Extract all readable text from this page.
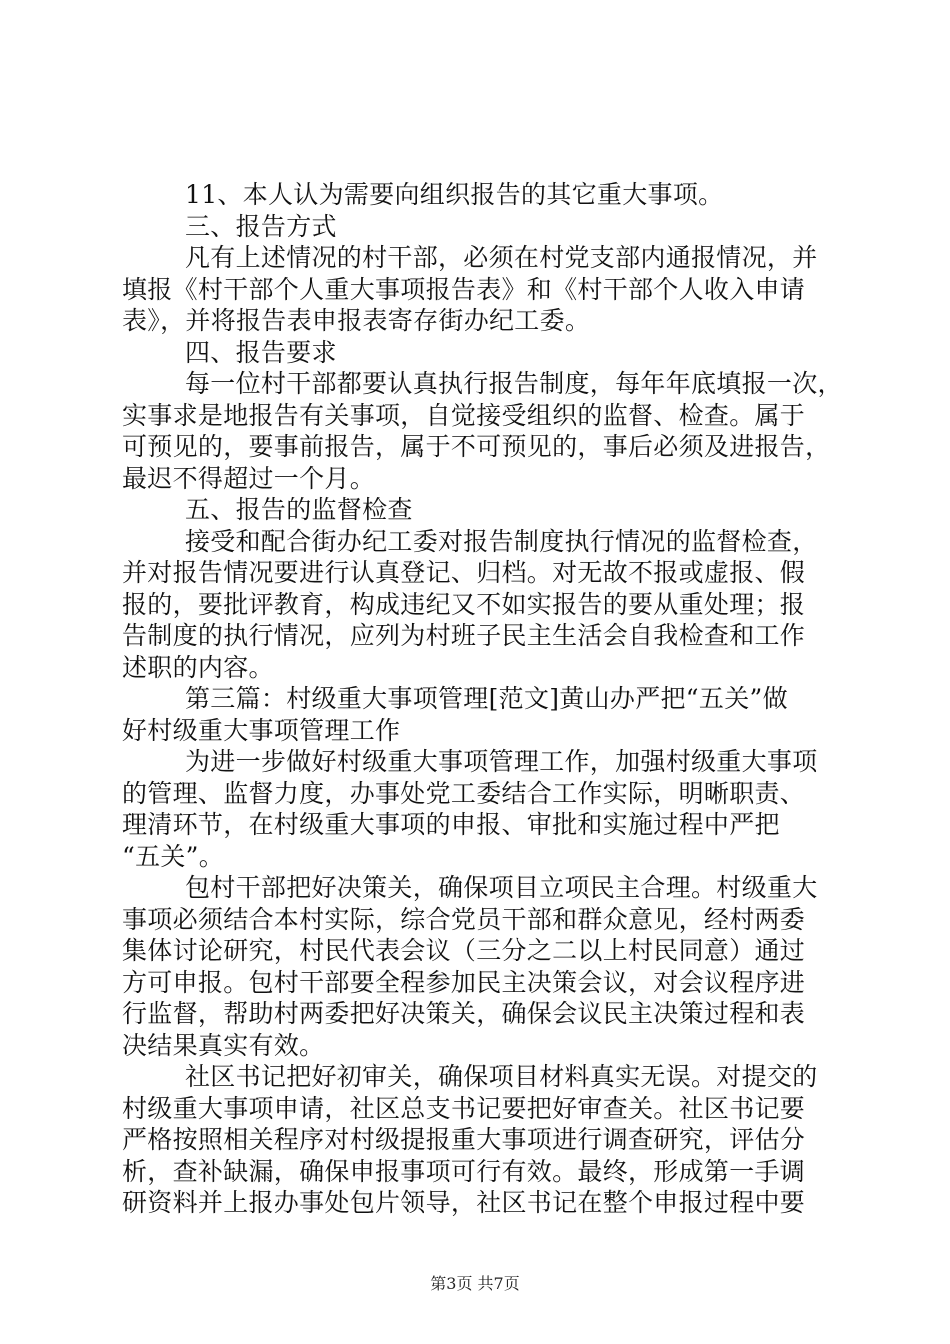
11、本人认为需要向组织报告的其它重大事项。
三、报告方式
凡有上述情况的村干部，必须在村党支部内通报情况，并
填报《村干部个人重大事项报告表》和《村干部个人收入申请
表》，并将报告表申报表寄存街办纪工委。
四、报告要求
每一位村干部都要认真执行报告制度，每年年底填报一次，
实事求是地报告有关事项，自觉接受组织的监督、检查。属于
可预见的，要事前报告，属于不可预见的，事后必须及进报告，
最迟不得超过一个月。
五、报告的监督检查
接受和配合街办纪工委对报告制度执行情况的监督检查，
并对报告情况要进行认真登记、归档。对无故不报或虚报、假
报的，要批评教育，构成违纪又不如实报告的要从重处理；报
告制度的执行情况，应列为村班子民主生活会自我检查和工作
述职的内容。
第三篇：村级重大事项管理[范文]黄山办严把“五关”做
好村级重大事项管理工作
为进一步做好村级重大事项管理工作，加强村级重大事项
的管理、监督力度，办事处党工委结合工作实际，明晰职责、
理清环节，在村级重大事项的申报、审批和实施过程中严把
“五关”。
包村干部把好决策关，确保项目立项民主合理。村级重大
事项必须结合本村实际，综合党员干部和群众意见，经村两委
集体讨论研究，村民代表会议（三分之二以上村民同意）通过
方可申报。包村干部要全程参加民主决策会议，对会议程序进
行监督，帮助村两委把好决策关，确保会议民主决策过程和表
决结果真实有效。
社区书记把好初审关，确保项目材料真实无误。对提交的
村级重大事项申请，社区总支书记要把好审查关。社区书记要
严格按照相关程序对村级提报重大事项进行调查研究，评估分
析，查补缺漏，确保申报事项可行有效。最终，形成第一手调
研资料并上报办事处包片领导，社区书记在整个申报过程中要
第3页 共7页
